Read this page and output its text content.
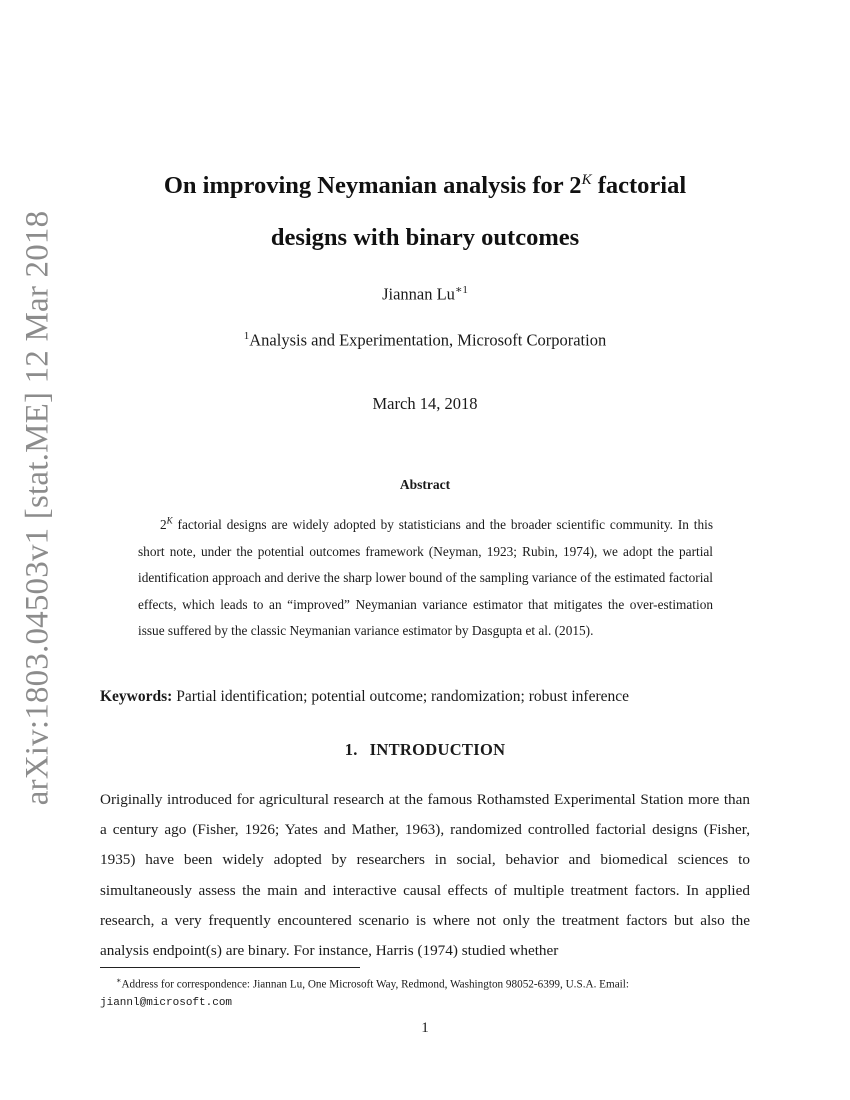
arXiv:1803.04503v1 [stat.ME] 12 Mar 2018
On improving Neymanian analysis for $2^K$ factorial
designs with binary outcomes
Jiannan $Lu^{∗1}$
$^1$Analysis and Experimentation, Microsoft Corporation
March 14, 2018
Abstract
$2^K$ factorial designs are widely adopted by statisticians and the broader scientific community. In this short note, under the potential outcomes framework (Neyman, 1923; Rubin, 1974), we adopt the partial identification approach and derive the sharp lower bound of the sampling variance of the estimated factorial effects, which leads to an “improved” Neymanian variance estimator that mitigates the over-estimation issue suffered by the classic Neymanian variance estimator by Dasgupta et al. (2015).
Keywords: Partial identification; potential outcome; randomization; robust inference
1. INTRODUCTION
Originally introduced for agricultural research at the famous Rothamsted Experimental Station more than a century ago (Fisher, 1926; Yates and Mather, 1963), randomized controlled factorial designs (Fisher, 1935) have been widely adopted by researchers in social, behavior and biomedical sciences to simultaneously assess the main and interactive causal effects of multiple treatment factors. In applied research, a very frequently encountered scenario is where not only the treatment factors but also the analysis endpoint(s) are binary. For instance, Harris (1974) studied whether
∗Address for correspondence: Jiannan Lu, One Microsoft Way, Redmond, Washington 98052-6399, U.S.A. Email: jiannl@microsoft.com
1
